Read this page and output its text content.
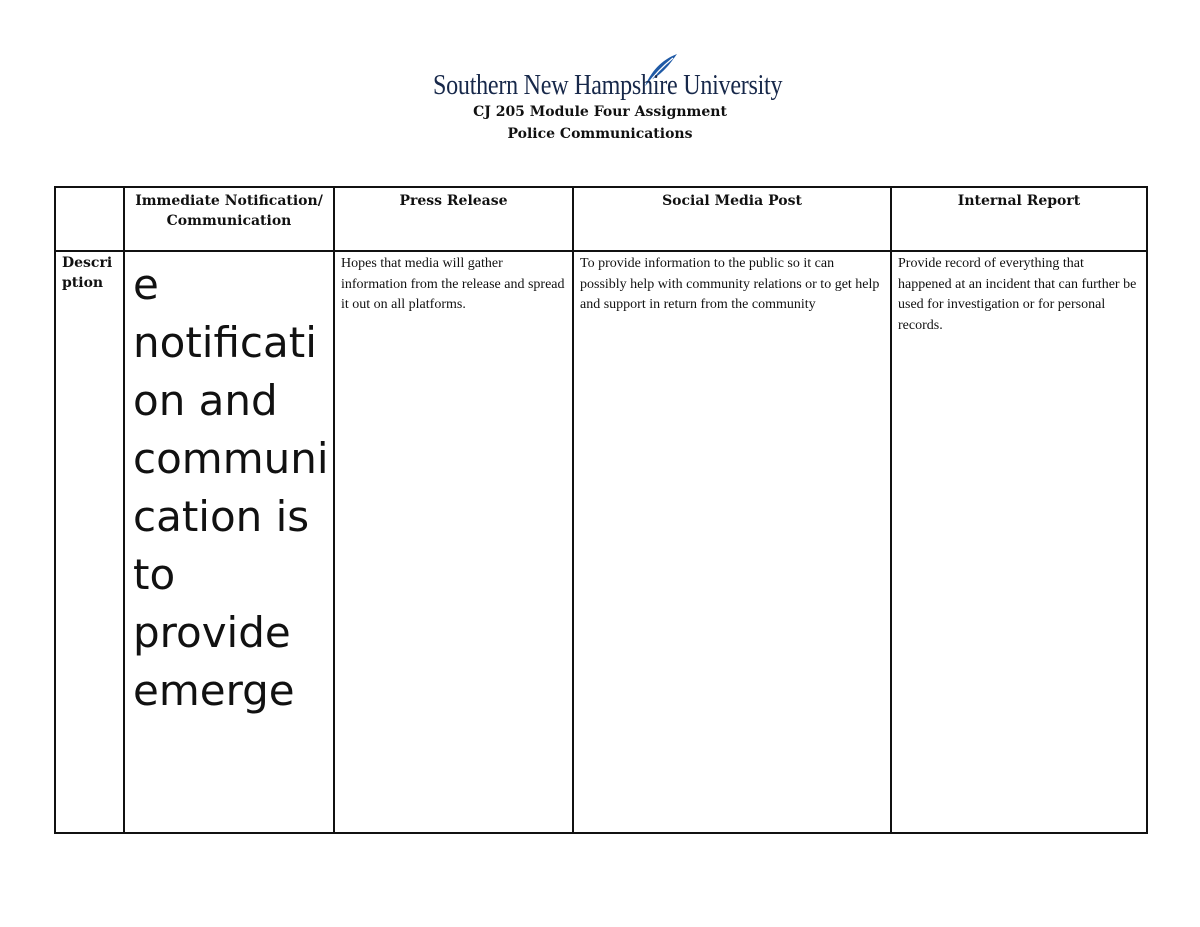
Southern New Hampshire University
CJ 205 Module Four Assignment
Police Communications
	Immediate Notification/Communication	Press Release	Social Media Post	Internal Report
Description	e notification and communication is to provide emerge	Hopes that media will gather information from the release and spread it out on all platforms.	To provide information to the public so it can possibly help with community relations or to get help and support in return from the community	Provide record of everything that happened at an incident that can further be used for investigation or for personal records.
